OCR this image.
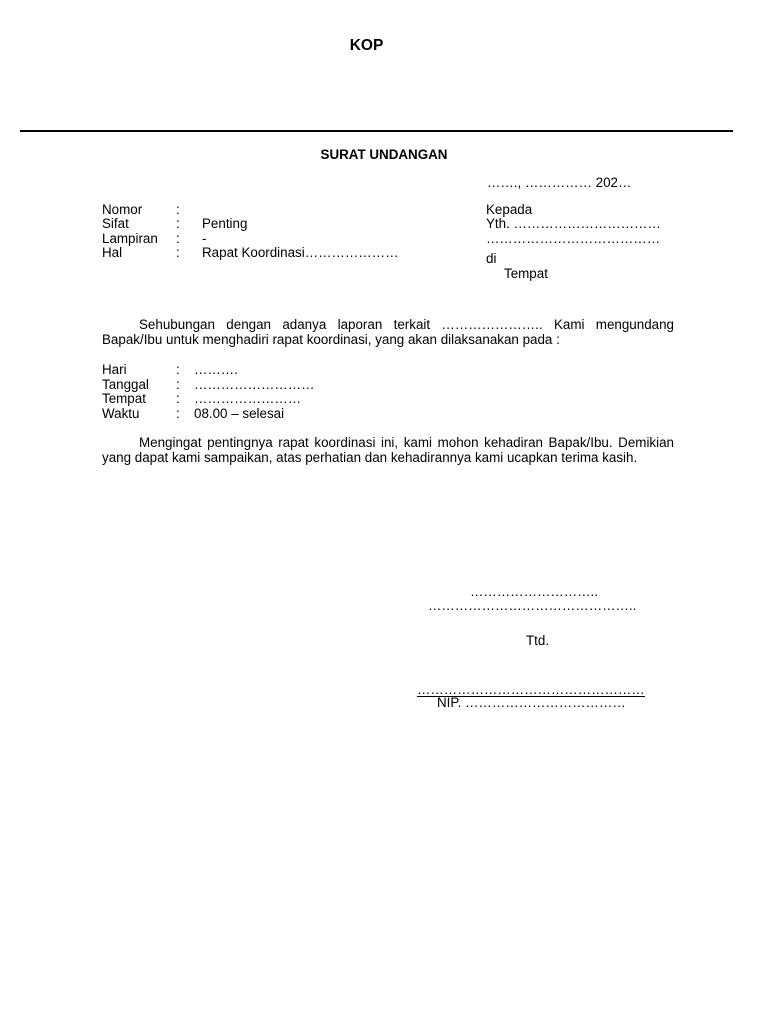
KOP
SURAT UNDANGAN
……., …………… 202…
Nomor	:
Sifat	:	Penting
Lampiran	:	-
Hal	:	Rapat Koordinasi…………………
Kepada
Yth. ……………………………
…………………………………
di
Tempat
Sehubungan dengan adanya laporan terkait ………………….. Kami mengundang Bapak/Ibu untuk menghadiri rapat koordinasi, yang akan dilaksanakan pada :
Hari	:	……….
Tanggal	:	………………………
Tempat	:	……………………
Waktu	:	08.00 – selesai
Mengingat pentingnya rapat koordinasi ini, kami mohon kehadiran Bapak/Ibu. Demikian yang dapat kami sampaikan, atas perhatian dan kehadirannya kami ucapkan terima kasih.
………………………..
………………………………………..
Ttd.
……………………………………………
NIP. ………………………………
